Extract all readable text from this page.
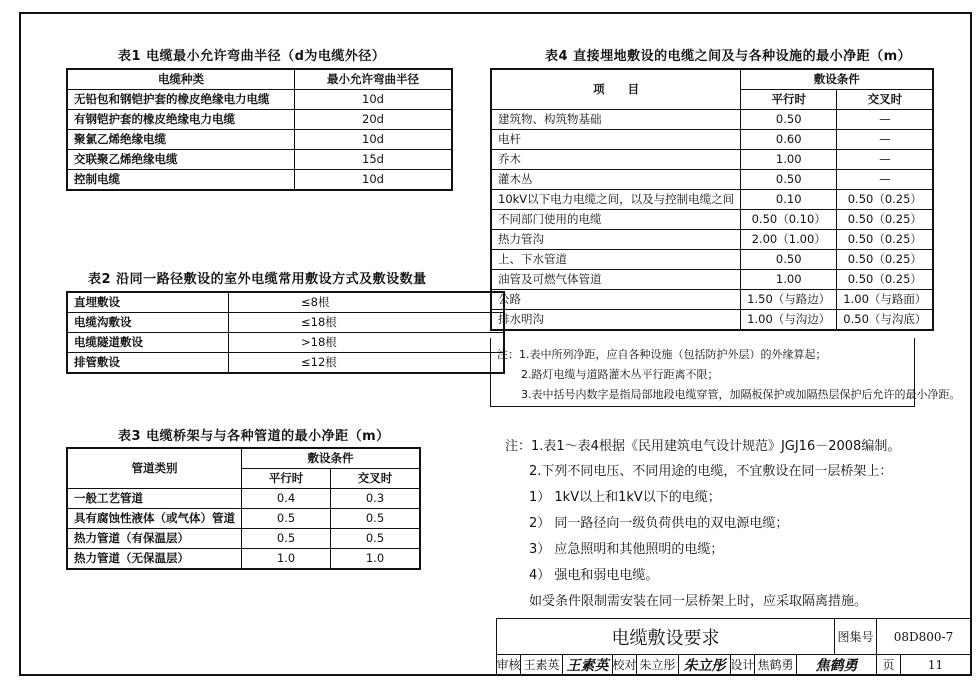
表1 电缆最小允许弯曲半径（d为电缆外径）
电缆种类	最小允许弯曲半径
无铅包和钢铠护套的橡皮绝缘电力电缆	10d
有钢铠护套的橡皮绝缘电力电缆	20d
聚氯乙烯绝缘电缆	10d
交联聚乙烯绝缘电缆	15d
控制电缆	10d
表2 沿同一路径敷设的室外电缆常用敷设方式及敷设数量
直埋敷设	≤8根
电缆沟敷设	≤18根
电缆隧道敷设	>18根
排管敷设	≤12根
表3 电缆桥架与与各种管道的最小净距（m）
管道类别	敷设条件	
	平行时	交叉时
一般工艺管道	0.4	0.3
具有腐蚀性液体（或气体）管道	0.5	0.5
热力管道（有保温层）	0.5	0.5
热力管道（无保温层）	1.0	1.0
表4 直接埋地敷设的电缆之间及与各种设施的最小净距（m）
项　　目	敷设条件	
	平行时	交叉时
建筑物、构筑物基础	0.50	—
电杆	0.60	—
乔木	1.00	—
灌木丛	0.50	—
10kV以下电力电缆之间，以及与控制电缆之间	0.10	0.50（0.25）
不同部门使用的电缆	0.50（0.10）	0.50（0.25）
热力管沟	2.00（1.00）	0.50（0.25）
上、下水管道	0.50	0.50（0.25）
油管及可燃气体管道	1.00	0.50（0.25）
公路	1.50（与路边）	1.00（与路面）
排水明沟	1.00（与沟边）	0.50（与沟底）
注：1.表中所列净距，应自各种设施（包括防护外层）的外缘算起；
2.路灯电缆与道路灌木丛平行距离不限；
3.表中括号内数字是指局部地段电缆穿管，加隔板保护或加隔热层保护后允许的最小净距。
注：1.表1～表4根据《民用建筑电气设计规范》JGJ16－2008编制。
2.下列不同电压、不同用途的电缆，不宜敷设在同一层桥架上：
1） 1kV以上和1kV以下的电缆；
2） 同一路径向一级负荷供电的双电源电缆；
3） 应急照明和其他照明的电缆；
4） 强电和弱电电缆。
如受条件限制需安装在同一层桥架上时，应采取隔离措施。
电缆敷设要求	图集号	08D800-7
审核 王素英 王素英 校对 朱立彤 朱立彤 设计 焦鹤勇	焦鹤勇	页	11
